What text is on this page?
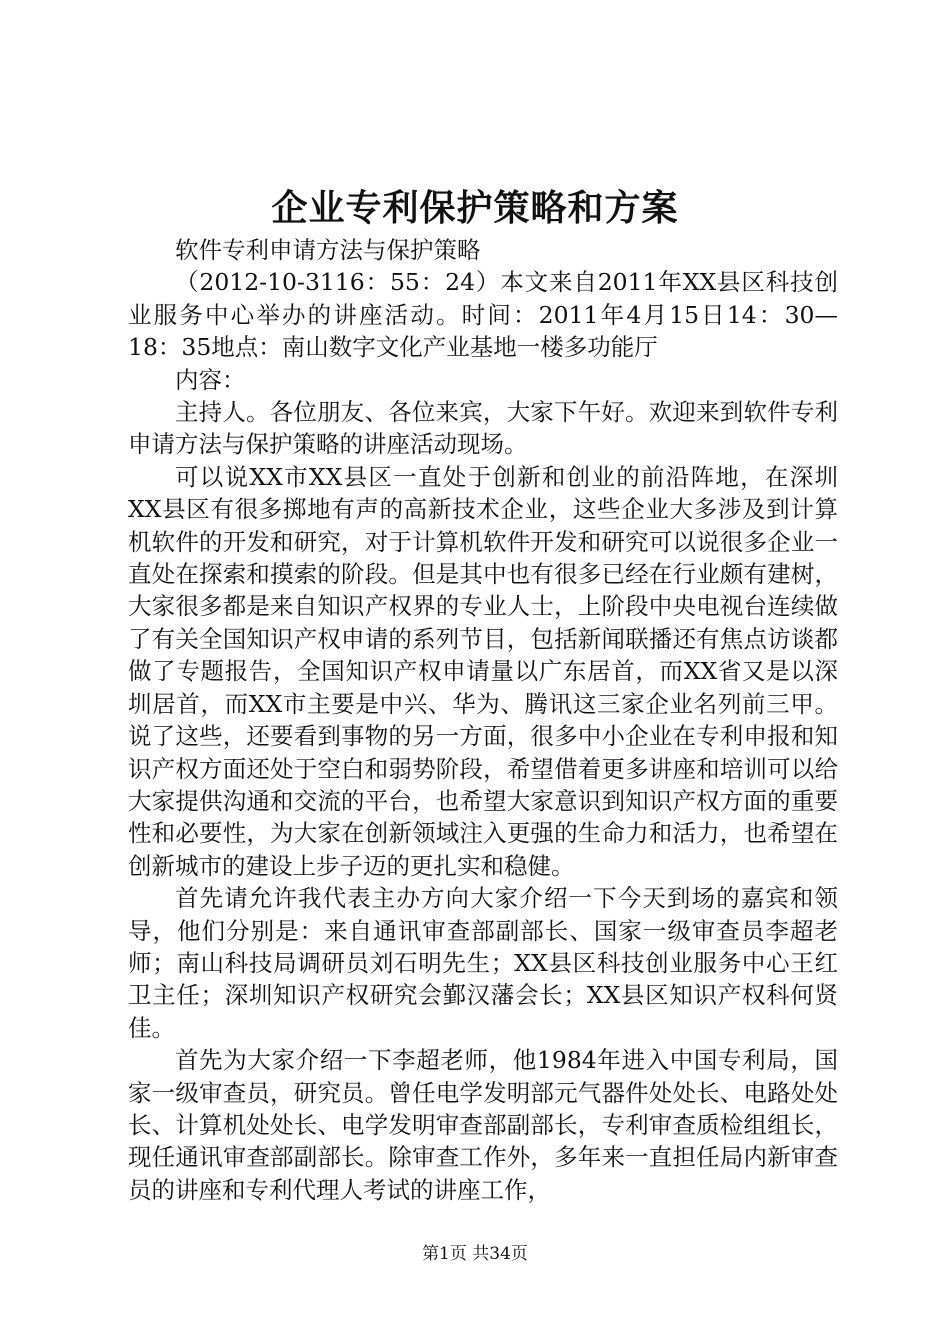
企业专利保护策略和方案

软件专利申请方法与保护策略

（2012-10-3116：55：24）本文来自2011年XX县区科技创业服务中心举办的讲座活动。时间：2011年4月15日14：30—18：35地点：南山数字文化产业基地一楼多功能厅

内容：

主持人。各位朋友、各位来宾，大家下午好。欢迎来到软件专利申请方法与保护策略的讲座活动现场。

可以说XX市XX县区一直处于创新和创业的前沿阵地，在深圳XX县区有很多掷地有声的高新技术企业，这些企业大多涉及到计算机软件的开发和研究，对于计算机软件开发和研究可以说很多企业一直处在探索和摸索的阶段。但是其中也有很多已经在行业颇有建树，大家很多都是来自知识产权界的专业人士，上阶段中央电视台连续做了有关全国知识产权申请的系列节目，包括新闻联播还有焦点访谈都做了专题报告，全国知识产权申请量以广东居首，而XX省又是以深圳居首，而XX市主要是中兴、华为、腾讯这三家企业名列前三甲。说了这些，还要看到事物的另一方面，很多中小企业在专利申报和知识产权方面还处于空白和弱势阶段，希望借着更多讲座和培训可以给大家提供沟通和交流的平台，也希望大家意识到知识产权方面的重要性和必要性，为大家在创新领域注入更强的生命力和活力，也希望在创新城市的建设上步子迈的更扎实和稳健。

首先请允许我代表主办方向大家介绍一下今天到场的嘉宾和领导，他们分别是：来自通讯审查部副部长、国家一级审查员李超老师；南山科技局调研员刘石明先生；XX县区科技创业服务中心王红卫主任；深圳知识产权研究会鄞汉藩会长；XX县区知识产权科何贤佳。

首先为大家介绍一下李超老师，他1984年进入中国专利局，国家一级审查员，研究员。曾任电学发明部元气器件处处长、电路处处长、计算机处处长、电学发明审查部副部长，专利审查质检组组长，现任通讯审查部副部长。除审查工作外，多年来一直担任局内新审查员的讲座和专利代理人考试的讲座工作，

第1页 共34页
